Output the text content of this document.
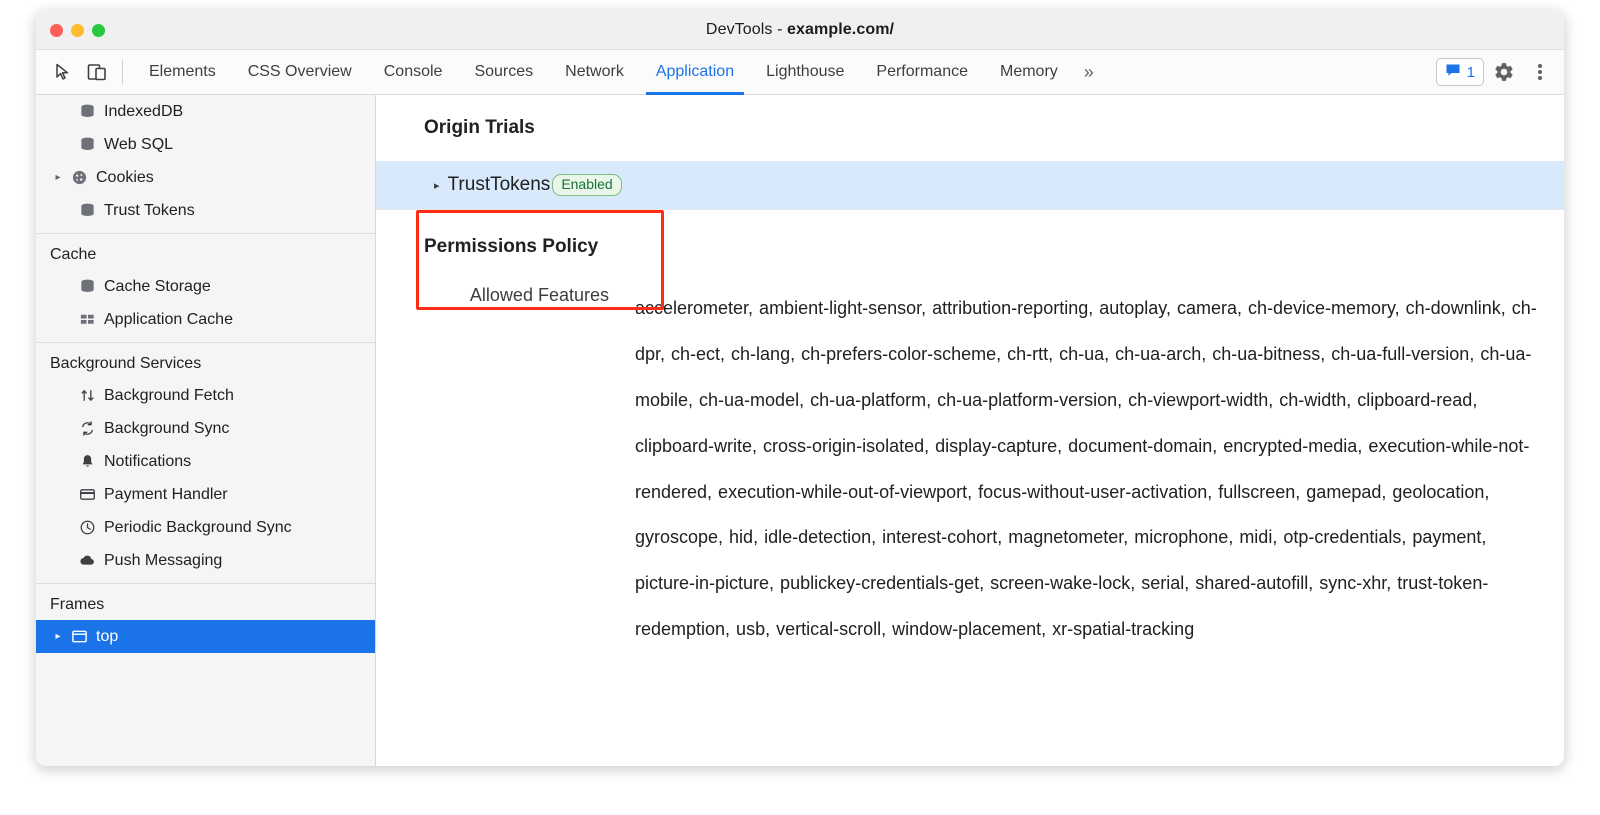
DevTools - example.com/
Elements CSS Overview Console Sources Network Application Lighthouse Performance Memory	»	1
IndexedDB
Web SQL
▸	Cookies
Trust Tokens
Cache
Cache Storage
Application Cache
Background Services
Background Fetch
Background Sync
Notifications
Payment Handler
Periodic Background Sync
Push Messaging
Frames
▸	top
Origin Trials
▸ TrustTokens Enabled
Permissions Policy
Allowed Features
accelerometer, ambient-light-sensor, attribution-reporting, autoplay, camera, ch-device-memory, ch-downlink, ch-dpr, ch-ect, ch-lang, ch-prefers-color-scheme, ch-rtt, ch-ua, ch-ua-arch, ch-ua-bitness, ch-ua-full-version, ch-ua-mobile, ch-ua-model, ch-ua-platform, ch-ua-platform-version, ch-viewport-width, ch-width, clipboard-read, clipboard-write, cross-origin-isolated, display-capture, document-domain, encrypted-media, execution-while-not-rendered, execution-while-out-of-viewport, focus-without-user-activation, fullscreen, gamepad, geolocation, gyroscope, hid, idle-detection, interest-cohort, magnetometer, microphone, midi, otp-credentials, payment, picture-in-picture, publickey-credentials-get, screen-wake-lock, serial, shared-autofill, sync-xhr, trust-token-redemption, usb, vertical-scroll, window-placement, xr-spatial-tracking
